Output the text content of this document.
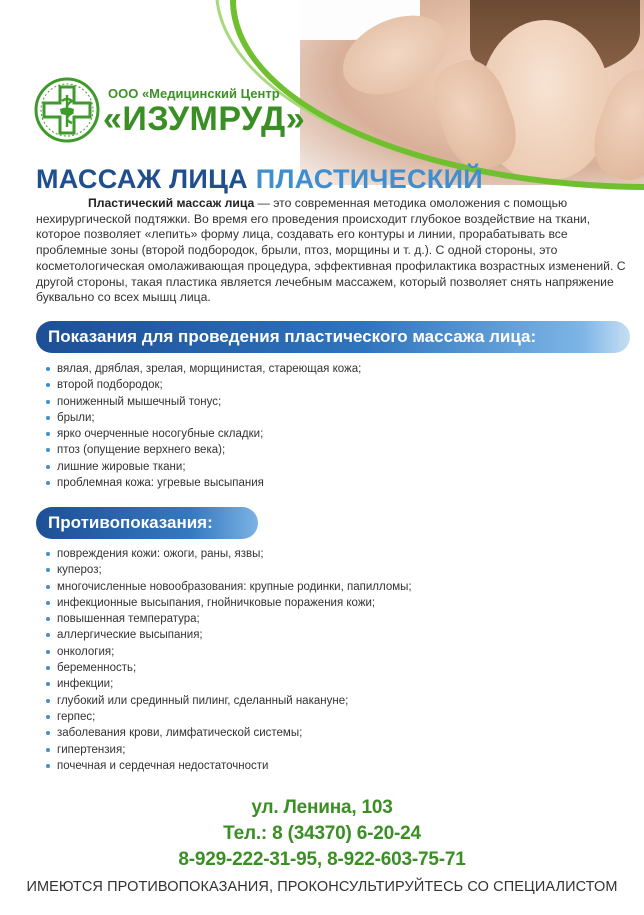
ООО «Медицинский Центр
«ИЗУМРУД»
МАССАЖ ЛИЦА ПЛАСТИЧЕСКИЙ

Пластический массаж лица — это современная методика омоложения с помощью нехирургической подтяжки. Во время его проведения происходит глубокое воздействие на ткани, которое позволяет «лепить» форму лица, создавать его контуры и линии, прорабатывать все проблемные зоны (второй подбородок, брыли, птоз, морщины и т. д.). С одной стороны, это косметологическая омолаживающая процедура, эффективная профилактика возрастных изменений. С другой стороны, такая пластика является лечебным массажем, который позволяет снять напряжение буквально со всех мышц лица.

Показания для проведения пластического массажа лица:
вялая, дряблая, зрелая, морщинистая, стареющая кожа;
второй подбородок;
пониженный мышечный тонус;
брыли;
ярко очерченные носогубные складки;
птоз (опущение верхнего века);
лишние жировые ткани;
проблемная кожа: угревые высыпания
Противопоказания:
повреждения кожи: ожоги, раны, язвы;
купероз;
многочисленные новообразования: крупные родинки, папилломы;
инфекционные высыпания, гнойничковые поражения кожи;
повышенная температура;
аллергические высыпания;
онкология;
беременность;
инфекции;
глубокий или срединный пилинг, сделанный накануне;
герпес;
заболевания крови, лимфатической системы;
гипертензия;
почечная и сердечная недостаточности
ул. Ленина, 103
Тел.: 8 (34370) 6-20-24
8-929-222-31-95, 8-922-603-75-71
ИМЕЮТСЯ ПРОТИВОПОКАЗАНИЯ, ПРОКОНСУЛЬТИРУЙТЕСЬ СО СПЕЦИАЛИСТОМ
